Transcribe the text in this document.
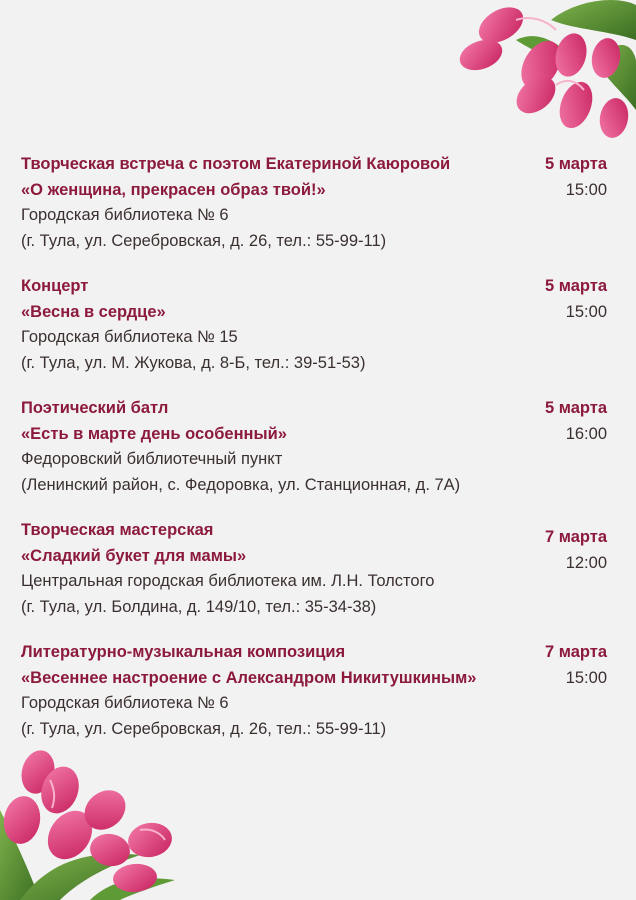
Творческая встреча с поэтом Екатериной Каюровой
«О женщина, прекрасен образ твой!»
Городская библиотека № 6
(г. Тула, ул. Серебровская, д. 26, тел.: 55-99-11)
5 марта
15:00
Концерт
«Весна в сердце»
Городская библиотека № 15
(г. Тула, ул. М. Жукова, д. 8-Б, тел.: 39-51-53)
5 марта
15:00
Поэтический батл
«Есть в марте день особенный»
Федоровский библиотечный пункт
(Ленинский район, с. Федоровка, ул. Станционная, д. 7А)
5 марта
16:00
Творческая мастерская
«Сладкий букет для мамы»
Центральная городская библиотека им. Л.Н. Толстого
(г. Тула, ул. Болдина, д. 149/10, тел.: 35-34-38)
7 марта
12:00
Литературно-музыкальная композиция
«Весеннее настроение с Александром Никитушкиным»
Городская библиотека № 6
(г. Тула, ул. Серебровская, д. 26, тел.: 55-99-11)
7 марта
15:00
